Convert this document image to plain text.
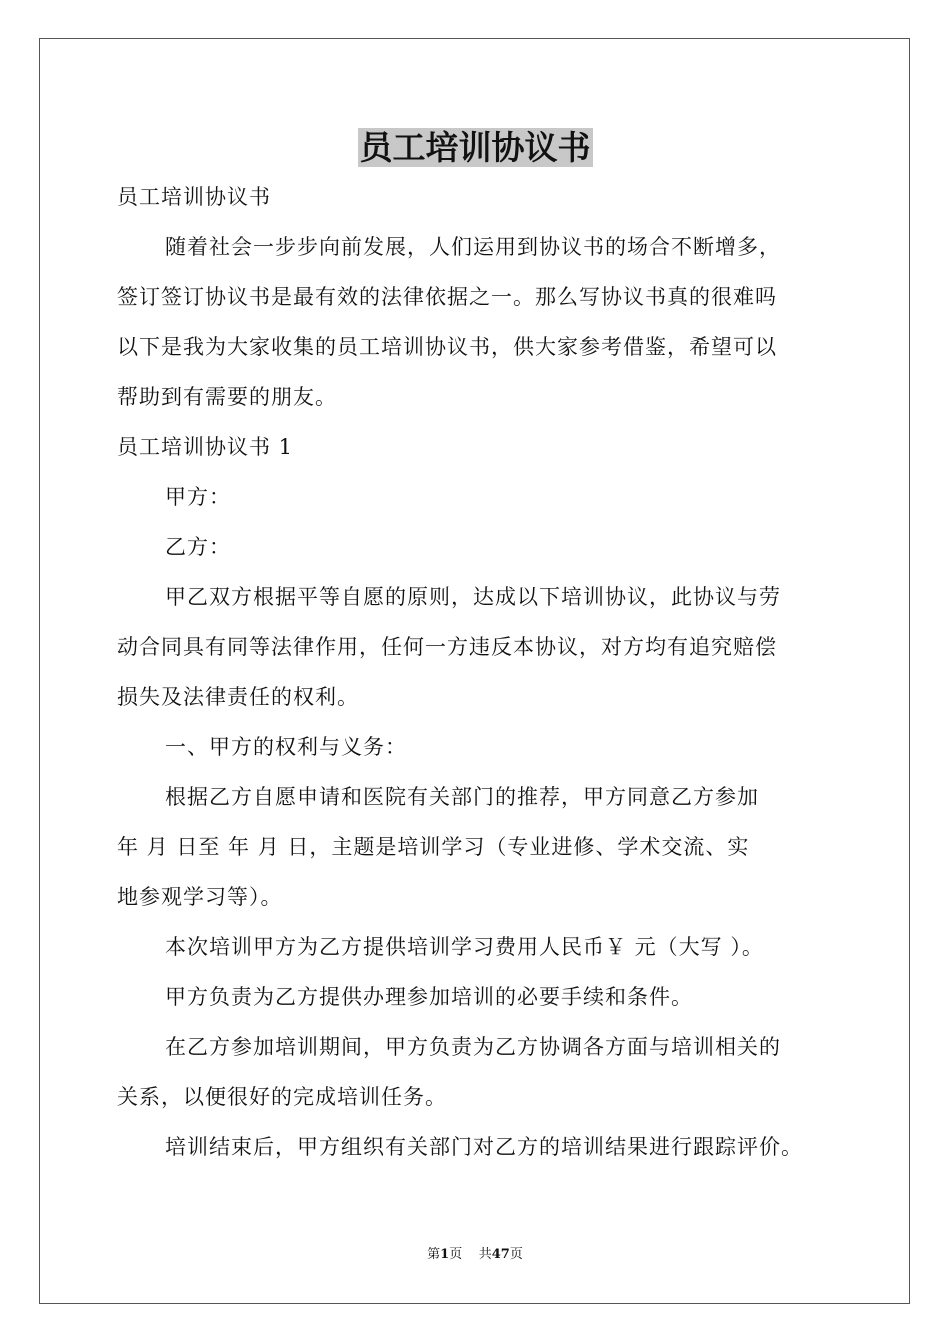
员工培训协议书
员工培训协议书
随着社会一步步向前发展，人们运用到协议书的场合不断增多，
签订签订协议书是最有效的法律依据之一。那么写协议书真的很难吗
以下是我为大家收集的员工培训协议书，供大家参考借鉴，希望可以
帮助到有需要的朋友。
员工培训协议书 1
甲方：
乙方：
甲乙双方根据平等自愿的原则，达成以下培训协议，此协议与劳
动合同具有同等法律作用，任何一方违反本协议，对方均有追究赔偿
损失及法律责任的权利。
一、甲方的权利与义务：
根据乙方自愿申请和医院有关部门的推荐，甲方同意乙方参加
年 月 日至 年 月 日，主题是培训学习（专业进修、学术交流、实
地参观学习等）。
本次培训甲方为乙方提供培训学习费用人民币￥ 元（大写 ）。
甲方负责为乙方提供办理参加培训的必要手续和条件。
在乙方参加培训期间，甲方负责为乙方协调各方面与培训相关的
关系，以便很好的完成培训任务。
培训结束后，甲方组织有关部门对乙方的培训结果进行跟踪评价。
第1页 共47页
